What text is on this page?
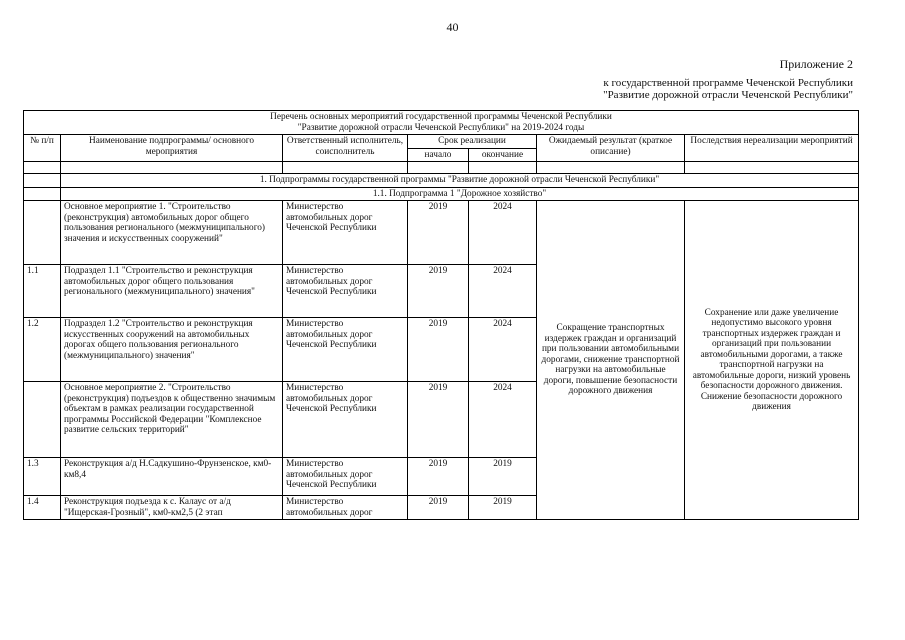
40
Приложение 2
к государственной программе Чеченской Республики
"Развитие дорожной отрасли Чеченской Республики"
Перечень основных мероприятий государственной программы Чеченской Республики
"Развитие дорожной отрасли Чеченской Республики" на 2019-2024 годы						

№ п/п	Наименование подпрограммы/ основного мероприятия	Ответственный исполнитель, соисполнитель	Срок реализации		Ожидаемый результат (краткое описание)	Последствия нереализации мероприятий
			начало	окончание		

	1. Подпрограммы государственной программы "Развитие дорожной отрасли Чеченской Республики"					
	1.1. Подпрограмма 1 "Дорожное хозяйство"					
	Основное мероприятие 1. "Строительство (реконструкция) автомобильных дорог общего пользования регионального (межмуниципального) значения и искусственных сооружений"	Министерство автомобильных дорог Чеченской Республики	2019	2024	Сокращение транспортных издержек граждан и организаций при пользовании автомобильными дорогами, снижение транспортной нагрузки на автомобильные дороги, повышение безопасности дорожного движения	Сохранение или даже увеличение недопустимо высокого уровня транспортных издержек граждан и организаций при пользовании автомобильными дорогами, а также транспортной нагрузки на автомобильные дороги, низкий уровень безопасности дорожного движения. Снижение безопасности дорожного движения
1.1	Подраздел 1.1 "Строительство и реконструкция автомобильных дорог общего пользования регионального (межмуниципального) значения"	Министерство автомобильных дорог Чеченской Республики	2019	2024		
1.2	Подраздел 1.2 "Строительство и реконструкция искусственных сооружений на автомобильных дорогах общего пользования регионального (межмуниципального) значения"	Министерство автомобильных дорог Чеченской Республики	2019	2024		
	Основное мероприятие 2. "Строительство (реконструкция) подъездов к общественно значимым объектам в рамках реализации государственной программы Российской Федерации "Комплексное развитие сельских территорий"	Министерство автомобильных дорог Чеченской Республики	2019	2024		
1.3	Реконструкция а/д Н.Садкушино-Фрунзенское, км0-км8,4	Министерство автомобильных дорог Чеченской Республики	2019	2019		
1.4	Реконструкция подъезда к с. Калаус от а/д "Ищерская-Грозный", км0-км2,5 (2 этап	Министерство автомобильных дорог	2019	2019		
